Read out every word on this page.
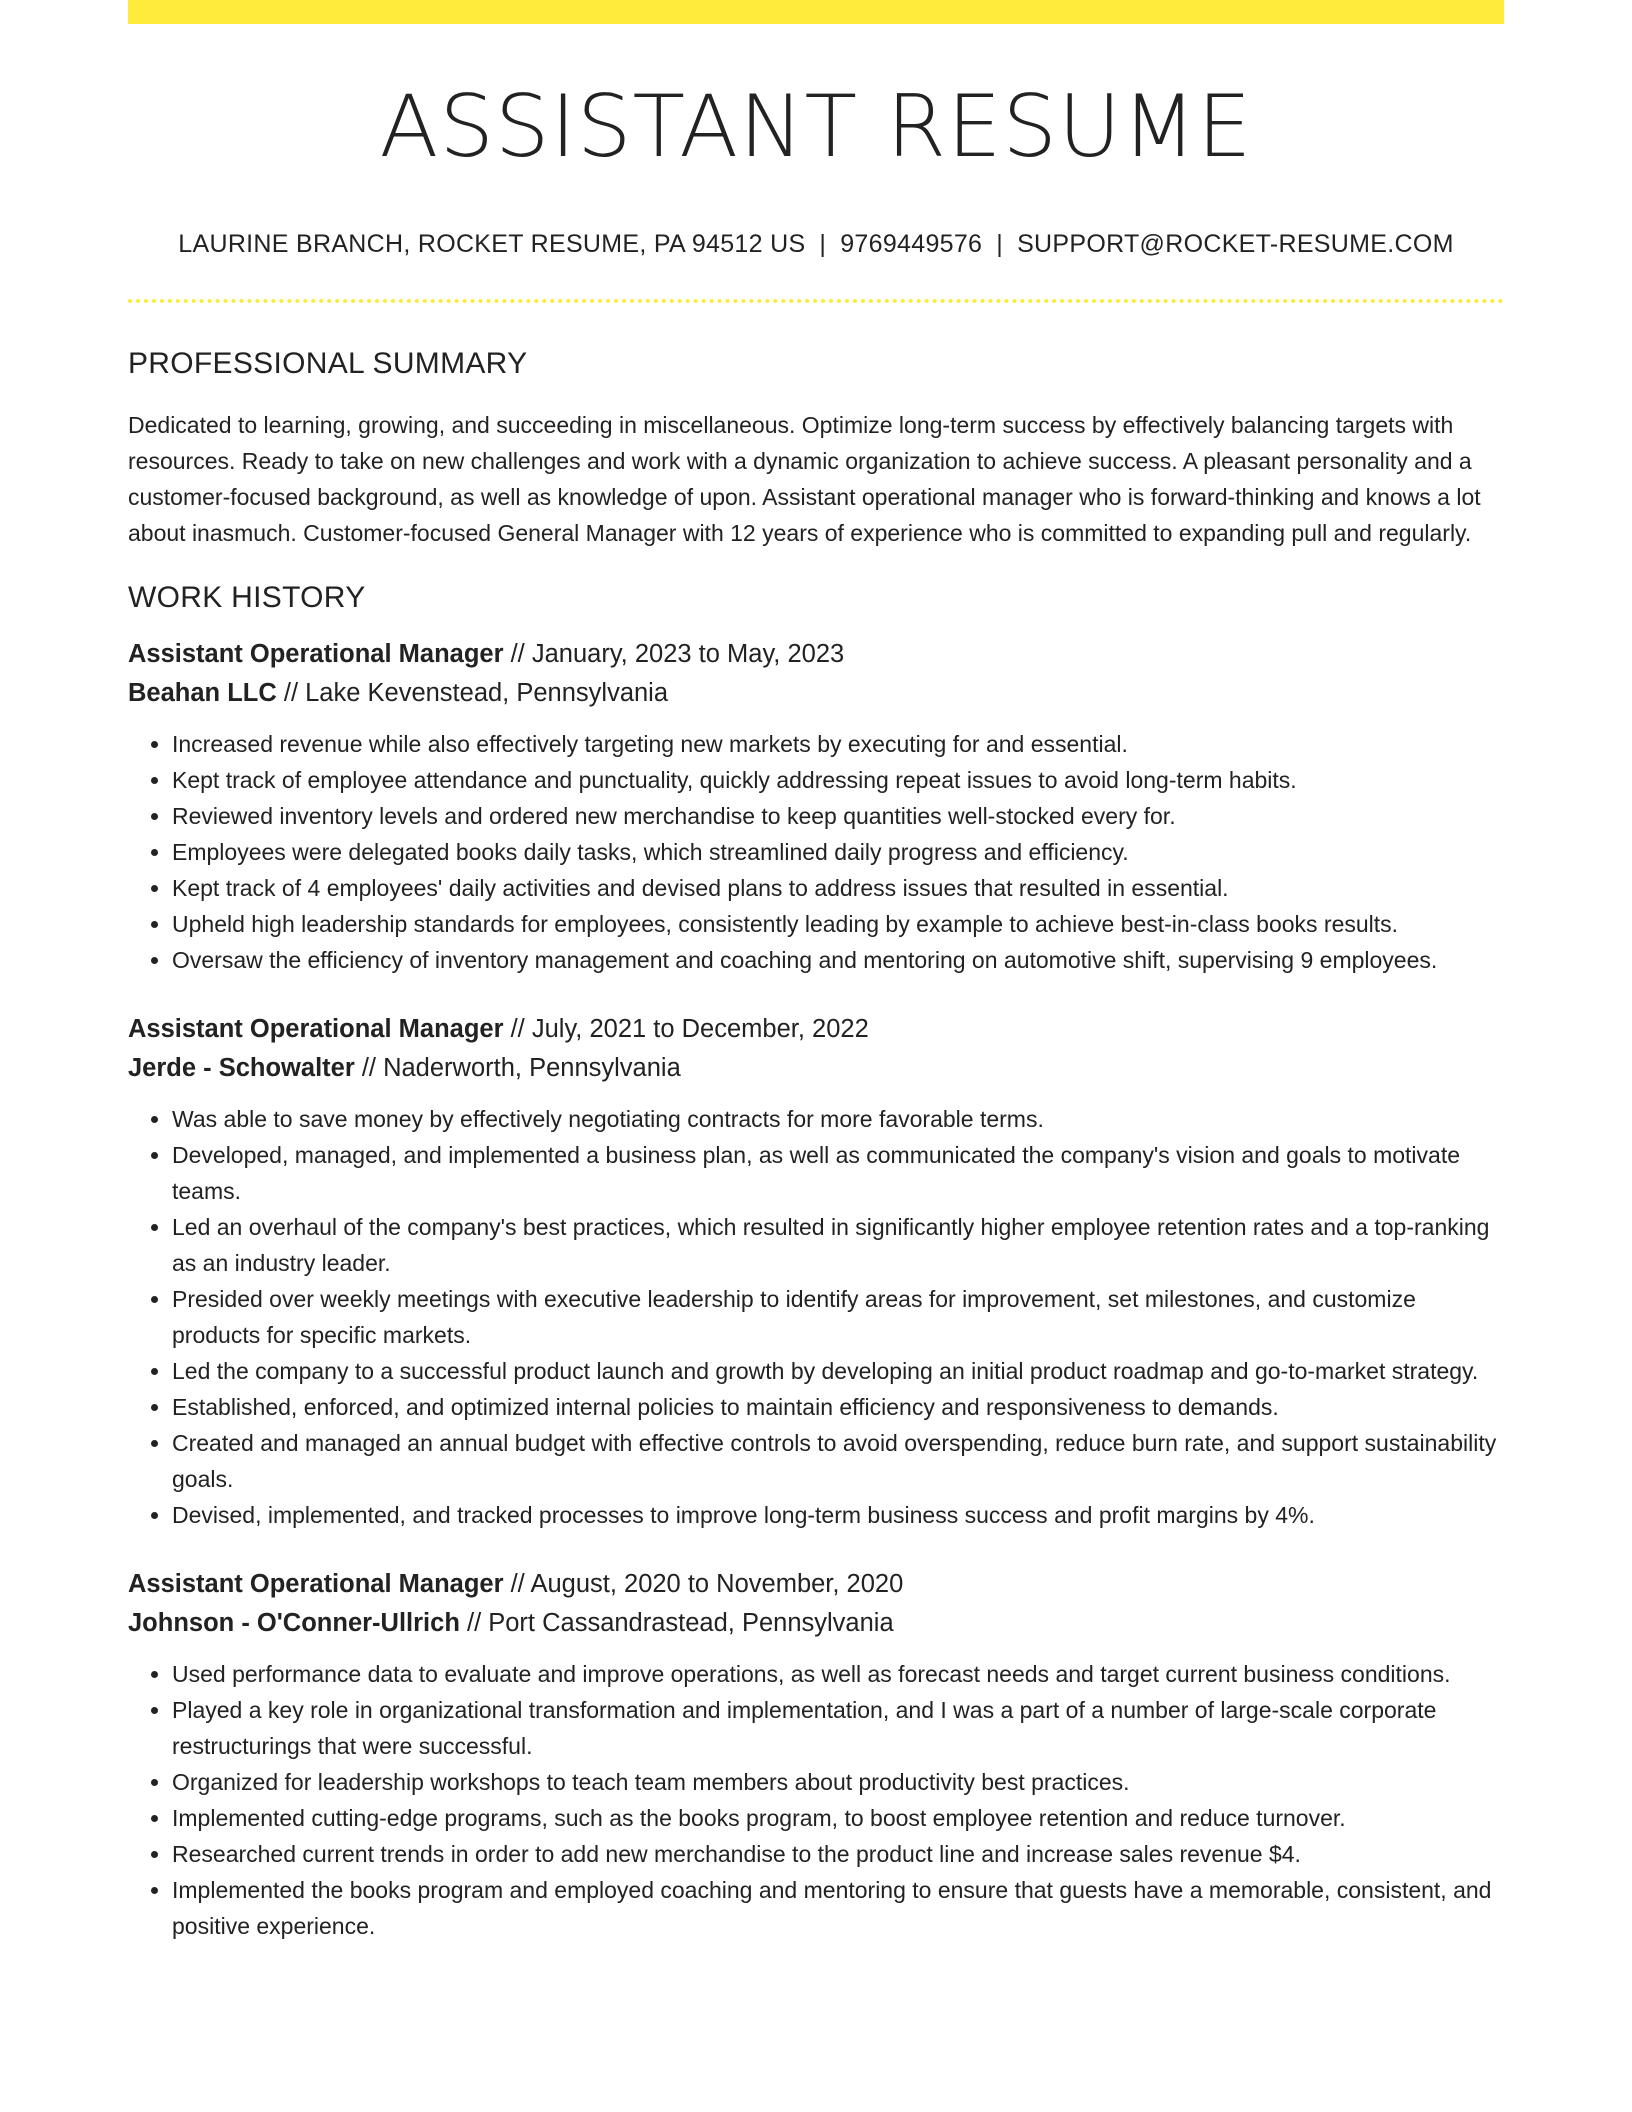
ASSISTANT RESUME
LAURINE BRANCH, ROCKET RESUME, PA 94512 US | 9769449576 | SUPPORT@ROCKET-RESUME.COM
PROFESSIONAL SUMMARY

Dedicated to learning, growing, and succeeding in miscellaneous. Optimize long-term success by effectively balancing targets with resources. Ready to take on new challenges and work with a dynamic organization to achieve success. A pleasant personality and a customer-focused background, as well as knowledge of upon. Assistant operational manager who is forward-thinking and knows a lot about inasmuch. Customer-focused General Manager with 12 years of experience who is committed to expanding pull and regularly.

WORK HISTORY
Assistant Operational Manager // January, 2023 to May, 2023
Beahan LLC // Lake Kevenstead, Pennsylvania
• Increased revenue while also effectively targeting new markets by executing for and essential.
• Kept track of employee attendance and punctuality, quickly addressing repeat issues to avoid long-term habits.
• Reviewed inventory levels and ordered new merchandise to keep quantities well-stocked every for.
• Employees were delegated books daily tasks, which streamlined daily progress and efficiency.
• Kept track of 4 employees' daily activities and devised plans to address issues that resulted in essential.
• Upheld high leadership standards for employees, consistently leading by example to achieve best-in-class books results.
• Oversaw the efficiency of inventory management and coaching and mentoring on automotive shift, supervising 9 employees.
Assistant Operational Manager // July, 2021 to December, 2022
Jerde - Schowalter // Naderworth, Pennsylvania
• Was able to save money by effectively negotiating contracts for more favorable terms.
• Developed, managed, and implemented a business plan, as well as communicated the company's vision and goals to motivate teams.
• Led an overhaul of the company's best practices, which resulted in significantly higher employee retention rates and a top-ranking as an industry leader.
• Presided over weekly meetings with executive leadership to identify areas for improvement, set milestones, and customize products for specific markets.
• Led the company to a successful product launch and growth by developing an initial product roadmap and go-to-market strategy.
• Established, enforced, and optimized internal policies to maintain efficiency and responsiveness to demands.
• Created and managed an annual budget with effective controls to avoid overspending, reduce burn rate, and support sustainability goals.
• Devised, implemented, and tracked processes to improve long-term business success and profit margins by 4%.
Assistant Operational Manager // August, 2020 to November, 2020
Johnson - O'Conner-Ullrich // Port Cassandrastead, Pennsylvania
• Used performance data to evaluate and improve operations, as well as forecast needs and target current business conditions.
• Played a key role in organizational transformation and implementation, and I was a part of a number of large-scale corporate restructurings that were successful.
• Organized for leadership workshops to teach team members about productivity best practices.
• Implemented cutting-edge programs, such as the books program, to boost employee retention and reduce turnover.
• Researched current trends in order to add new merchandise to the product line and increase sales revenue $4.
• Implemented the books program and employed coaching and mentoring to ensure that guests have a memorable, consistent, and positive experience.
